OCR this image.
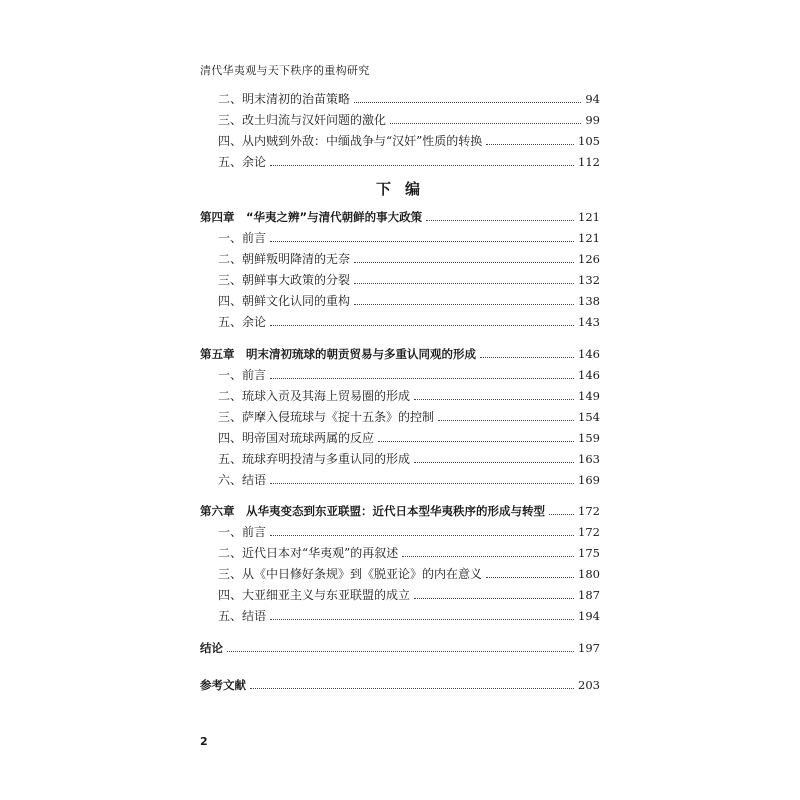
清代华夷观与天下秩序的重构研究
二、明末清初的治苗策略	94
三、改土归流与汉奸问题的激化	99
四、从内贼到外敌：中缅战争与“汉奸”性质的转换	105
五、余论	112
下编
第四章　“华夷之辨”与清代朝鲜的事大政策	121
一、前言	121
二、朝鲜叛明降清的无奈	126
三、朝鲜事大政策的分裂	132
四、朝鲜文化认同的重构	138
五、余论	143
第五章　明末清初琉球的朝贡贸易与多重认同观的形成	146
一、前言	146
二、琉球入贡及其海上贸易圈的形成	149
三、萨摩入侵琉球与《掟十五条》的控制	154
四、明帝国对琉球两属的反应	159
五、琉球弃明投清与多重认同的形成	163
六、结语	169
第六章　从华夷变态到东亚联盟：近代日本型华夷秩序的形成与转型	172
一、前言	172
二、近代日本对“华夷观”的再叙述	175
三、从《中日修好条规》到《脱亚论》的内在意义	180
四、大亚细亚主义与东亚联盟的成立	187
五、结语	194
结论	197
参考文献	203
2
